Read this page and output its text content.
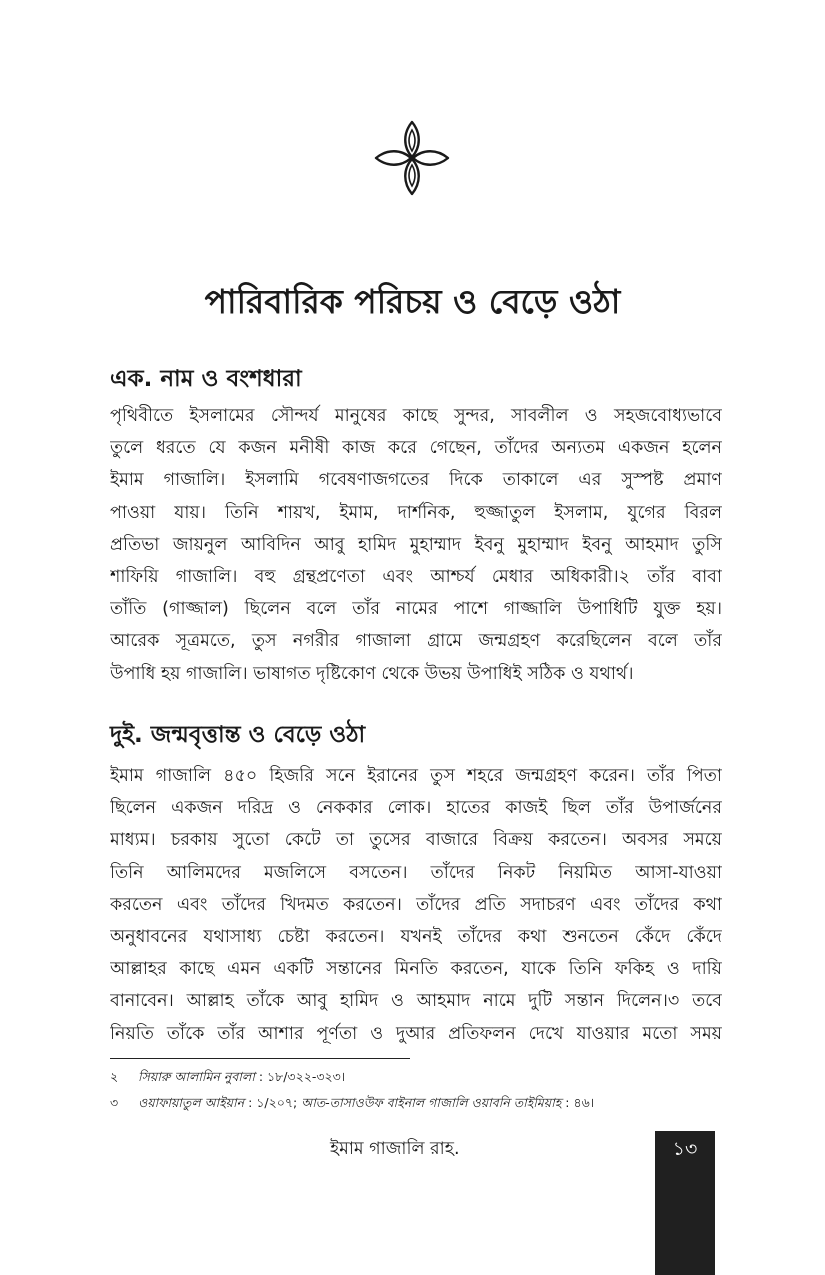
পারিবারিক পরিচয় ও বেড়ে ওঠা
এক. নাম ও বংশধারা
পৃথিবীতে ইসলামের সৌন্দর্য মানুষের কাছে সুন্দর, সাবলীল ও সহজবোধ্যভাবে
তুলে ধরতে যে কজন মনীষী কাজ করে গেছেন, তাঁদের অন্যতম একজন হলেন
ইমাম গাজালি। ইসলামি গবেষণাজগতের দিকে তাকালে এর সুস্পষ্ট প্রমাণ
পাওয়া যায়। তিনি শায়খ, ইমাম, দার্শনিক, হুজ্জাতুল ইসলাম, যুগের বিরল
প্রতিভা জায়নুল আবিদিন আবু হামিদ মুহাম্মাদ ইবনু মুহাম্মাদ ইবনু আহমাদ তুসি
শাফিয়ি গাজালি। বহু গ্রন্থপ্রণেতা এবং আশ্চর্য মেধার অধিকারী।২ তাঁর বাবা
তাঁতি (গাজ্জাল) ছিলেন বলে তাঁর নামের পাশে গাজ্জালি উপাধিটি যুক্ত হয়।
আরেক সূত্রমতে, তুস নগরীর গাজালা গ্রামে জন্মগ্রহণ করেছিলেন বলে তাঁর
উপাধি হয় গাজালি। ভাষাগত দৃষ্টিকোণ থেকে উভয় উপাধিই সঠিক ও যথার্থ।
দুই. জন্মবৃত্তান্ত ও বেড়ে ওঠা
ইমাম গাজালি ৪৫০ হিজরি সনে ইরানের তুস শহরে জন্মগ্রহণ করেন। তাঁর পিতা
ছিলেন একজন দরিদ্র ও নেককার লোক। হাতের কাজই ছিল তাঁর উপার্জনের
মাধ্যম। চরকায় সুতো কেটে তা তুসের বাজারে বিক্রয় করতেন। অবসর সময়ে
তিনি আলিমদের মজলিসে বসতেন। তাঁদের নিকট নিয়মিত আসা-যাওয়া
করতেন এবং তাঁদের খিদমত করতেন। তাঁদের প্রতি সদাচরণ এবং তাঁদের কথা
অনুধাবনের যথাসাধ্য চেষ্টা করতেন। যখনই তাঁদের কথা শুনতেন কেঁদে কেঁদে
আল্লাহর কাছে এমন একটি সন্তানের মিনতি করতেন, যাকে তিনি ফকিহ ও দায়ি
বানাবেন। আল্লাহ তাঁকে আবু হামিদ ও আহমাদ নামে দুটি সন্তান দিলেন।৩ তবে
নিয়তি তাঁকে তাঁর আশার পূর্ণতা ও দুআর প্রতিফলন দেখে যাওয়ার মতো সময়
২ সিয়ারু আলামিন নুবালা : ১৮/৩২২-৩২৩।
৩ ওয়াফায়াতুল আইয়ান : ১/২০৭; আত-তাসাওউফ বাইনাল গাজালি ওয়াবনি তাইমিয়াহ : ৪৬।
ইমাম গাজালি রাহ.	১৩
